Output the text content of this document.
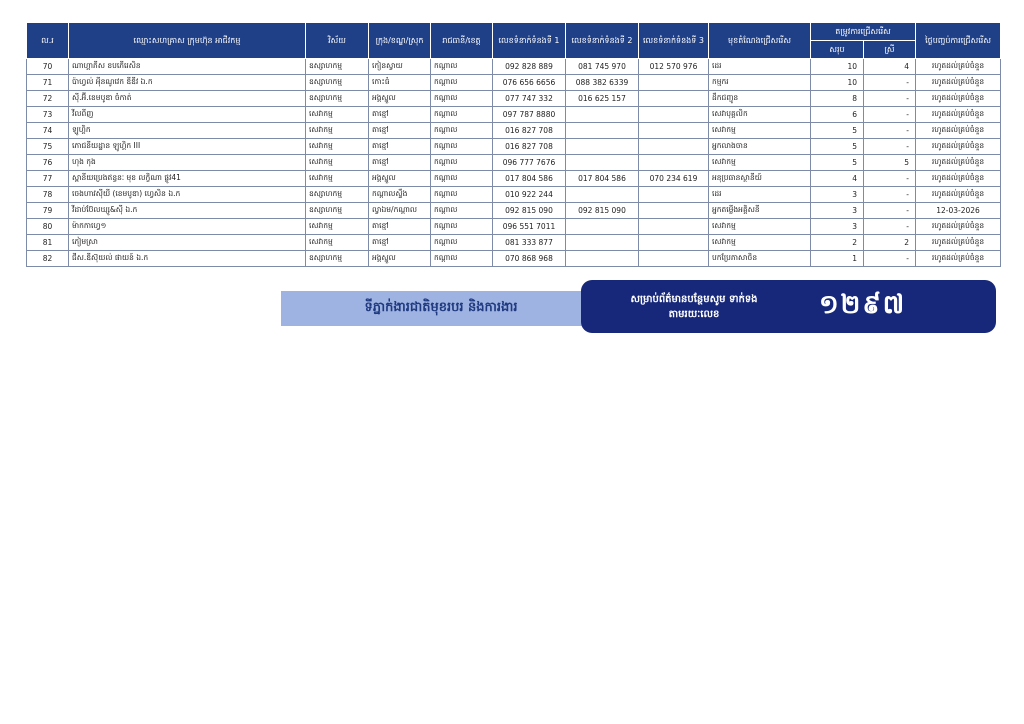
ល.រ	ឈ្មោះសហគ្រាស ក្រុមហ៊ុន អាជីវកម្ម	វិស័យ	ក្រុង/ខណ្ឌ/ស្រុក	រាជធានី/ខេត្ត	លេខទំនាក់ទំនងទី 1	លេខទំនាក់ទំនងទី 2	លេខទំនាក់ទំនងទី 3	មុខតំណែងជ្រើសរើស	តម្រូវការជ្រើសរើស		ថ្ងៃបញ្ចប់ការជ្រើសរើស
									សរុប	ស្រី	
70	ណាហ្គាភីស ខបភើរេសិន	ឧស្សាហកម្ម	កៀនស្វាយ	កណ្ដាល	092 828 889	081 745 970	012 570 976	ដេរ	10	4	រហូតដល់គ្រប់ចំនួន
71	ប៉ាហ្វល់ អុីនណូវេក ឌីឌីវ ឯ.ក	ឧស្សាហកម្ម	កោះធំ	កណ្ដាល	076 656 6656	088 382 6339		កម្មករ	10	-	រហូតដល់គ្រប់ចំនួន
72	ស៊ី.អ៊ី.ខេមបូឌា ចំកាត់	ឧស្សាហកម្ម	អង្គស្នួល	កណ្ដាល	077 747 332	016 625 157		ដឹកជញ្ជូន	8	-	រហូតដល់គ្រប់ចំនួន
73	វីលពីញ	សេវាកម្ម	តាខ្មៅ	កណ្ដាល	097 787 8880			សេវាបុគ្គលិក	6	-	រហូតដល់គ្រប់ចំនួន
74	ឡូហ្គិក	សេវាកម្ម	តាខ្មៅ	កណ្ដាល	016 827 708			សេវាកម្ម	5	-	រហូតដល់គ្រប់ចំនួន
75	ភោជនីយដ្ឋាន ឡូហ្គិក III	សេវាកម្ម	តាខ្មៅ	កណ្ដាល	016 827 708			អ្នកលាងចាន	5	-	រហូតដល់គ្រប់ចំនួន
76	ហុង កុង	សេវាកម្ម	តាខ្មៅ	កណ្ដាល	096 777 7676			សេវាកម្ម	5	5	រហូតដល់គ្រប់ចំនួន
77	ស្ពានីយប្រេងឥន្ធនៈ មុខ លក្ខិណា ផ្លូវ41	សេវាកម្ម	អង្គស្នួល	កណ្ដាល	017 804 586	017 804 586	070 234 619	អនុប្រធានស្ថានីយ៍	4	-	រហូតដល់គ្រប់ចំនួន
78	ចេងហាវស៊ីយី (ខេមបូឌា) ហ្វេសិន ឯ.ក	ឧស្សាហកម្ម	កណ្ដាលស្ទឹង	កណ្ដាល	010 922 244			ដេរ	3	-	រហូតដល់គ្រប់ចំនួន
79	វីដាប់ប៊ែលឃ្សូ&ស៊ី ឯ.ក	ឧស្សាហកម្ម	ល្វាឯម/កណ្ដាល	កណ្ដាល	092 815 090	092 815 090		អ្នកតម្លើងអគ្គិសនី	3	-	12-03-2026
80	ម៉ាកកាហ្វេ១	សេវាកម្ម	តាខ្មៅ	កណ្ដាល	096 551 7011			សេវាកម្ម	3	-	រហូតដល់គ្រប់ចំនួន
81	ភៀមស្រា	សេវាកម្ម	តាខ្មៅ	កណ្ដាល	081 333 877			សេវាកម្ម	2	2	រហូតដល់គ្រប់ចំនួន
82	ជីស.ឌីស៊ុយល់ ផាយន៍ ឯ.ក	ឧស្សាហកម្ម	អង្គស្នួល	កណ្ដាល	070 868 968			បកប្រែភាសាចិន	1	-	រហូតដល់គ្រប់ចំនួន
ទីភ្នាក់ងារជាតិមុខរបរ និងការងារ
សម្រាប់ព័ត៌មានបន្ថែមសូម ទាក់ទងតាមរយៈលេខ	១២៩៧
